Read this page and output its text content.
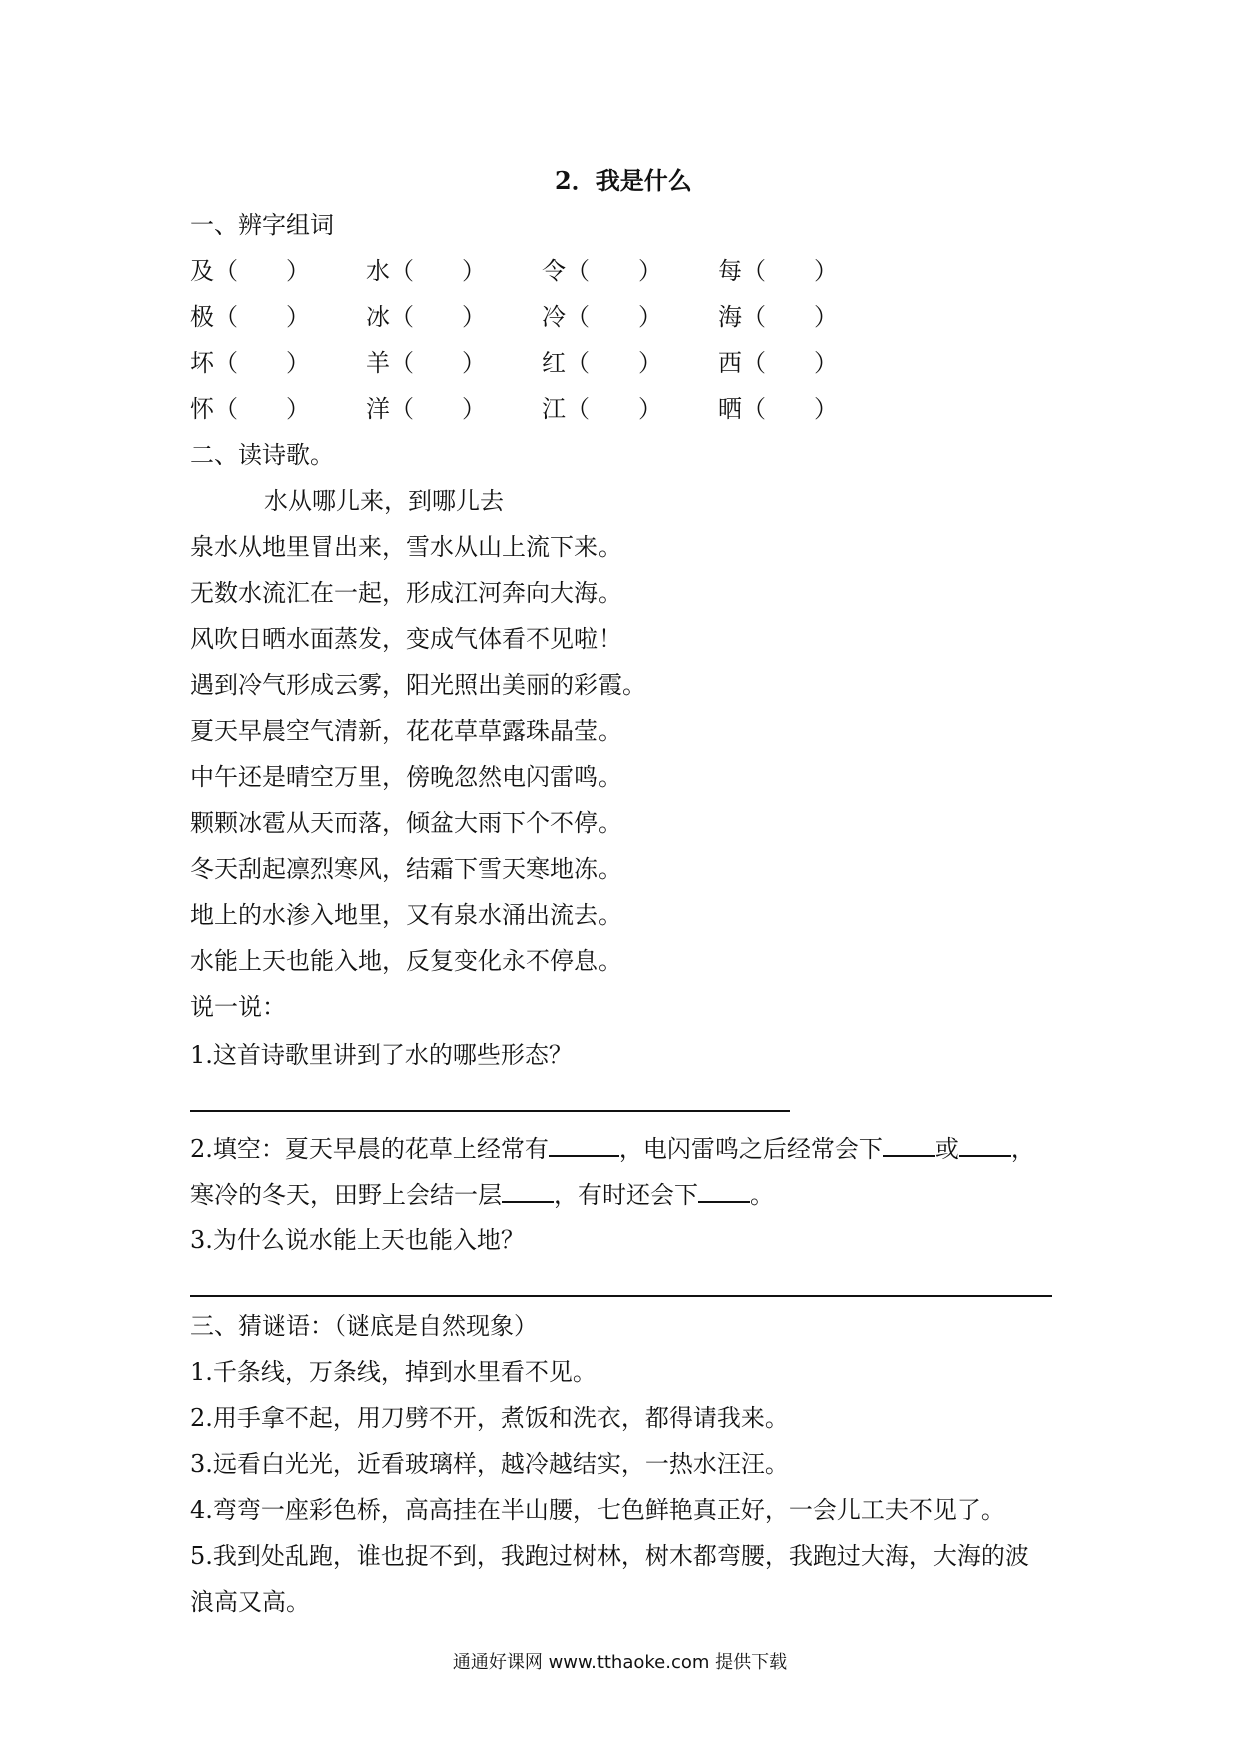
2．我是什么
一、辨字组词
及（　　） 水（　　） 令（　　） 每（　　）
极（　　） 冰（　　） 冷（　　） 海（　　）
坏（　　） 羊（　　） 红（　　） 西（　　）
怀（　　） 洋（　　） 江（　　） 晒（　　）
二、读诗歌。
水从哪儿来，到哪儿去
泉水从地里冒出来，雪水从山上流下来。
无数水流汇在一起，形成江河奔向大海。
风吹日晒水面蒸发，变成气体看不见啦！
遇到冷气形成云雾，阳光照出美丽的彩霞。
夏天早晨空气清新，花花草草露珠晶莹。
中午还是晴空万里，傍晚忽然电闪雷鸣。
颗颗冰雹从天而落，倾盆大雨下个不停。
冬天刮起凛烈寒风，结霜下雪天寒地冻。
地上的水渗入地里，又有泉水涌出流去。
水能上天也能入地，反复变化永不停息。
说一说：
1.这首诗歌里讲到了水的哪些形态？
2.填空：夏天早晨的花草上经常有	，电闪雷鸣之后经常会下 或 ，
寒冷的冬天，田野上会结一层 ，有时还会下 。
3.为什么说水能上天也能入地？
三、猜谜语：（谜底是自然现象）
1.千条线，万条线，掉到水里看不见。
2.用手拿不起，用刀劈不开，煮饭和洗衣，都得请我来。
3.远看白光光，近看玻璃样，越冷越结实，一热水汪汪。
4.弯弯一座彩色桥，高高挂在半山腰，七色鲜艳真正好，一会儿工夫不见了。
5.我到处乱跑，谁也捉不到，我跑过树林，树木都弯腰，我跑过大海，大海的波
浪高又高。
通通好课网 www.tthaoke.com 提供下载
